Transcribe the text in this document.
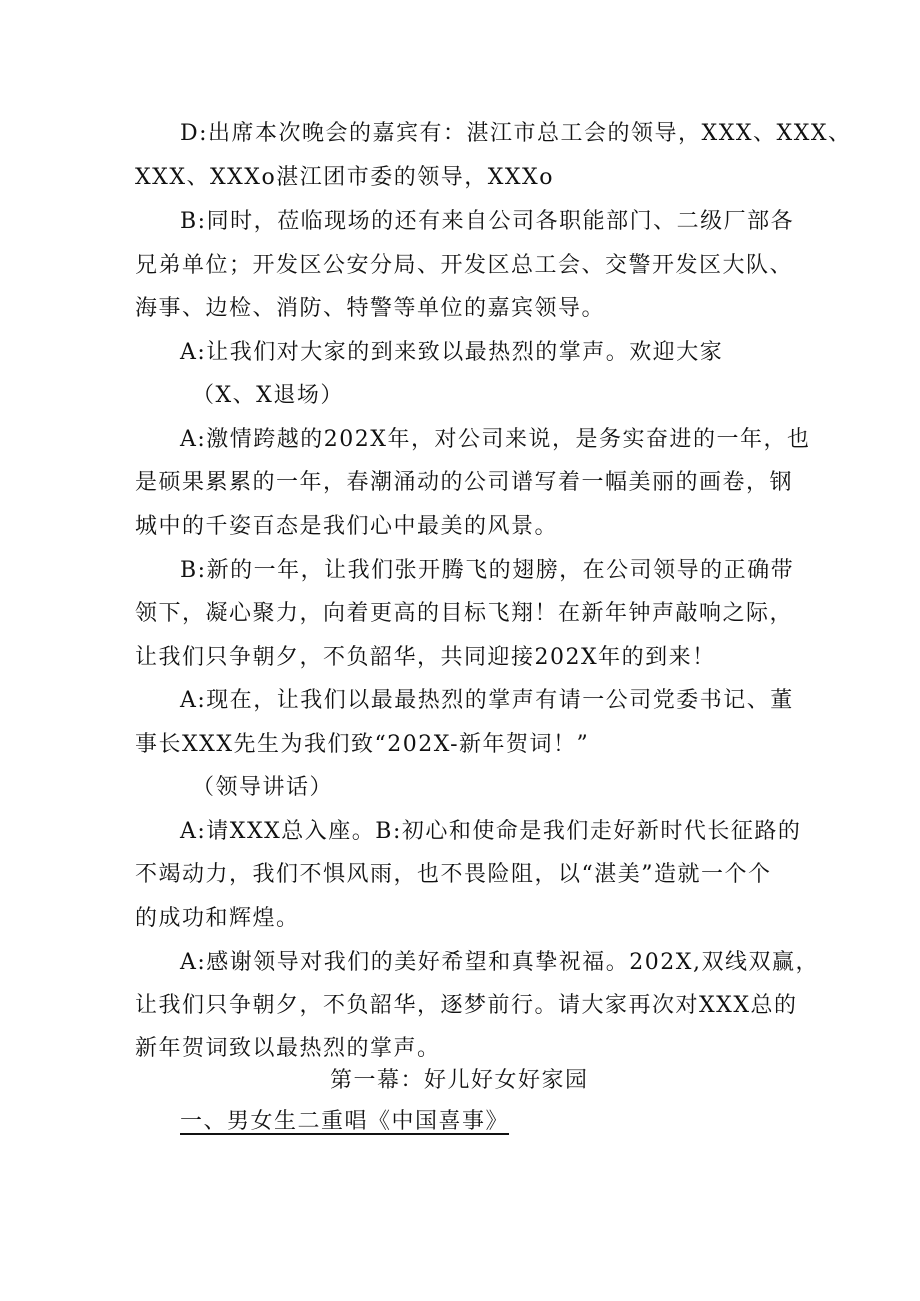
D:出席本次晚会的嘉宾有：湛江市总工会的领导，XXX、XXX、
XXX、XXXo湛江团市委的领导，XXXo
B:同时，莅临现场的还有来自公司各职能部门、二级厂部各
兄弟单位；开发区公安分局、开发区总工会、交警开发区大队、
海事、边检、消防、特警等单位的嘉宾领导。
A:让我们对大家的到来致以最热烈的掌声。欢迎大家
（X、X退场）
A:激情跨越的202X年，对公司来说，是务实奋进的一年，也
是硕果累累的一年，春潮涌动的公司谱写着一幅美丽的画卷，钢
城中的千姿百态是我们心中最美的风景。
B:新的一年，让我们张开腾飞的翅膀，在公司领导的正确带
领下，凝心聚力，向着更高的目标飞翔！在新年钟声敲响之际，
让我们只争朝夕，不负韶华，共同迎接202X年的到来！
A:现在，让我们以最最热烈的掌声有请一公司党委书记、董
事长XXX先生为我们致“202X-新年贺词！”
（领导讲话）
A:请XXX总入座。B:初心和使命是我们走好新时代长征路的
不竭动力，我们不惧风雨，也不畏险阻，以“湛美”造就一个个
的成功和辉煌。
A:感谢领导对我们的美好希望和真挚祝福。202X,双线双赢，
让我们只争朝夕，不负韶华，逐梦前行。请大家再次对XXX总的
新年贺词致以最热烈的掌声。
第一幕：好儿好女好家园
一、男女生二重唱《中国喜事》
